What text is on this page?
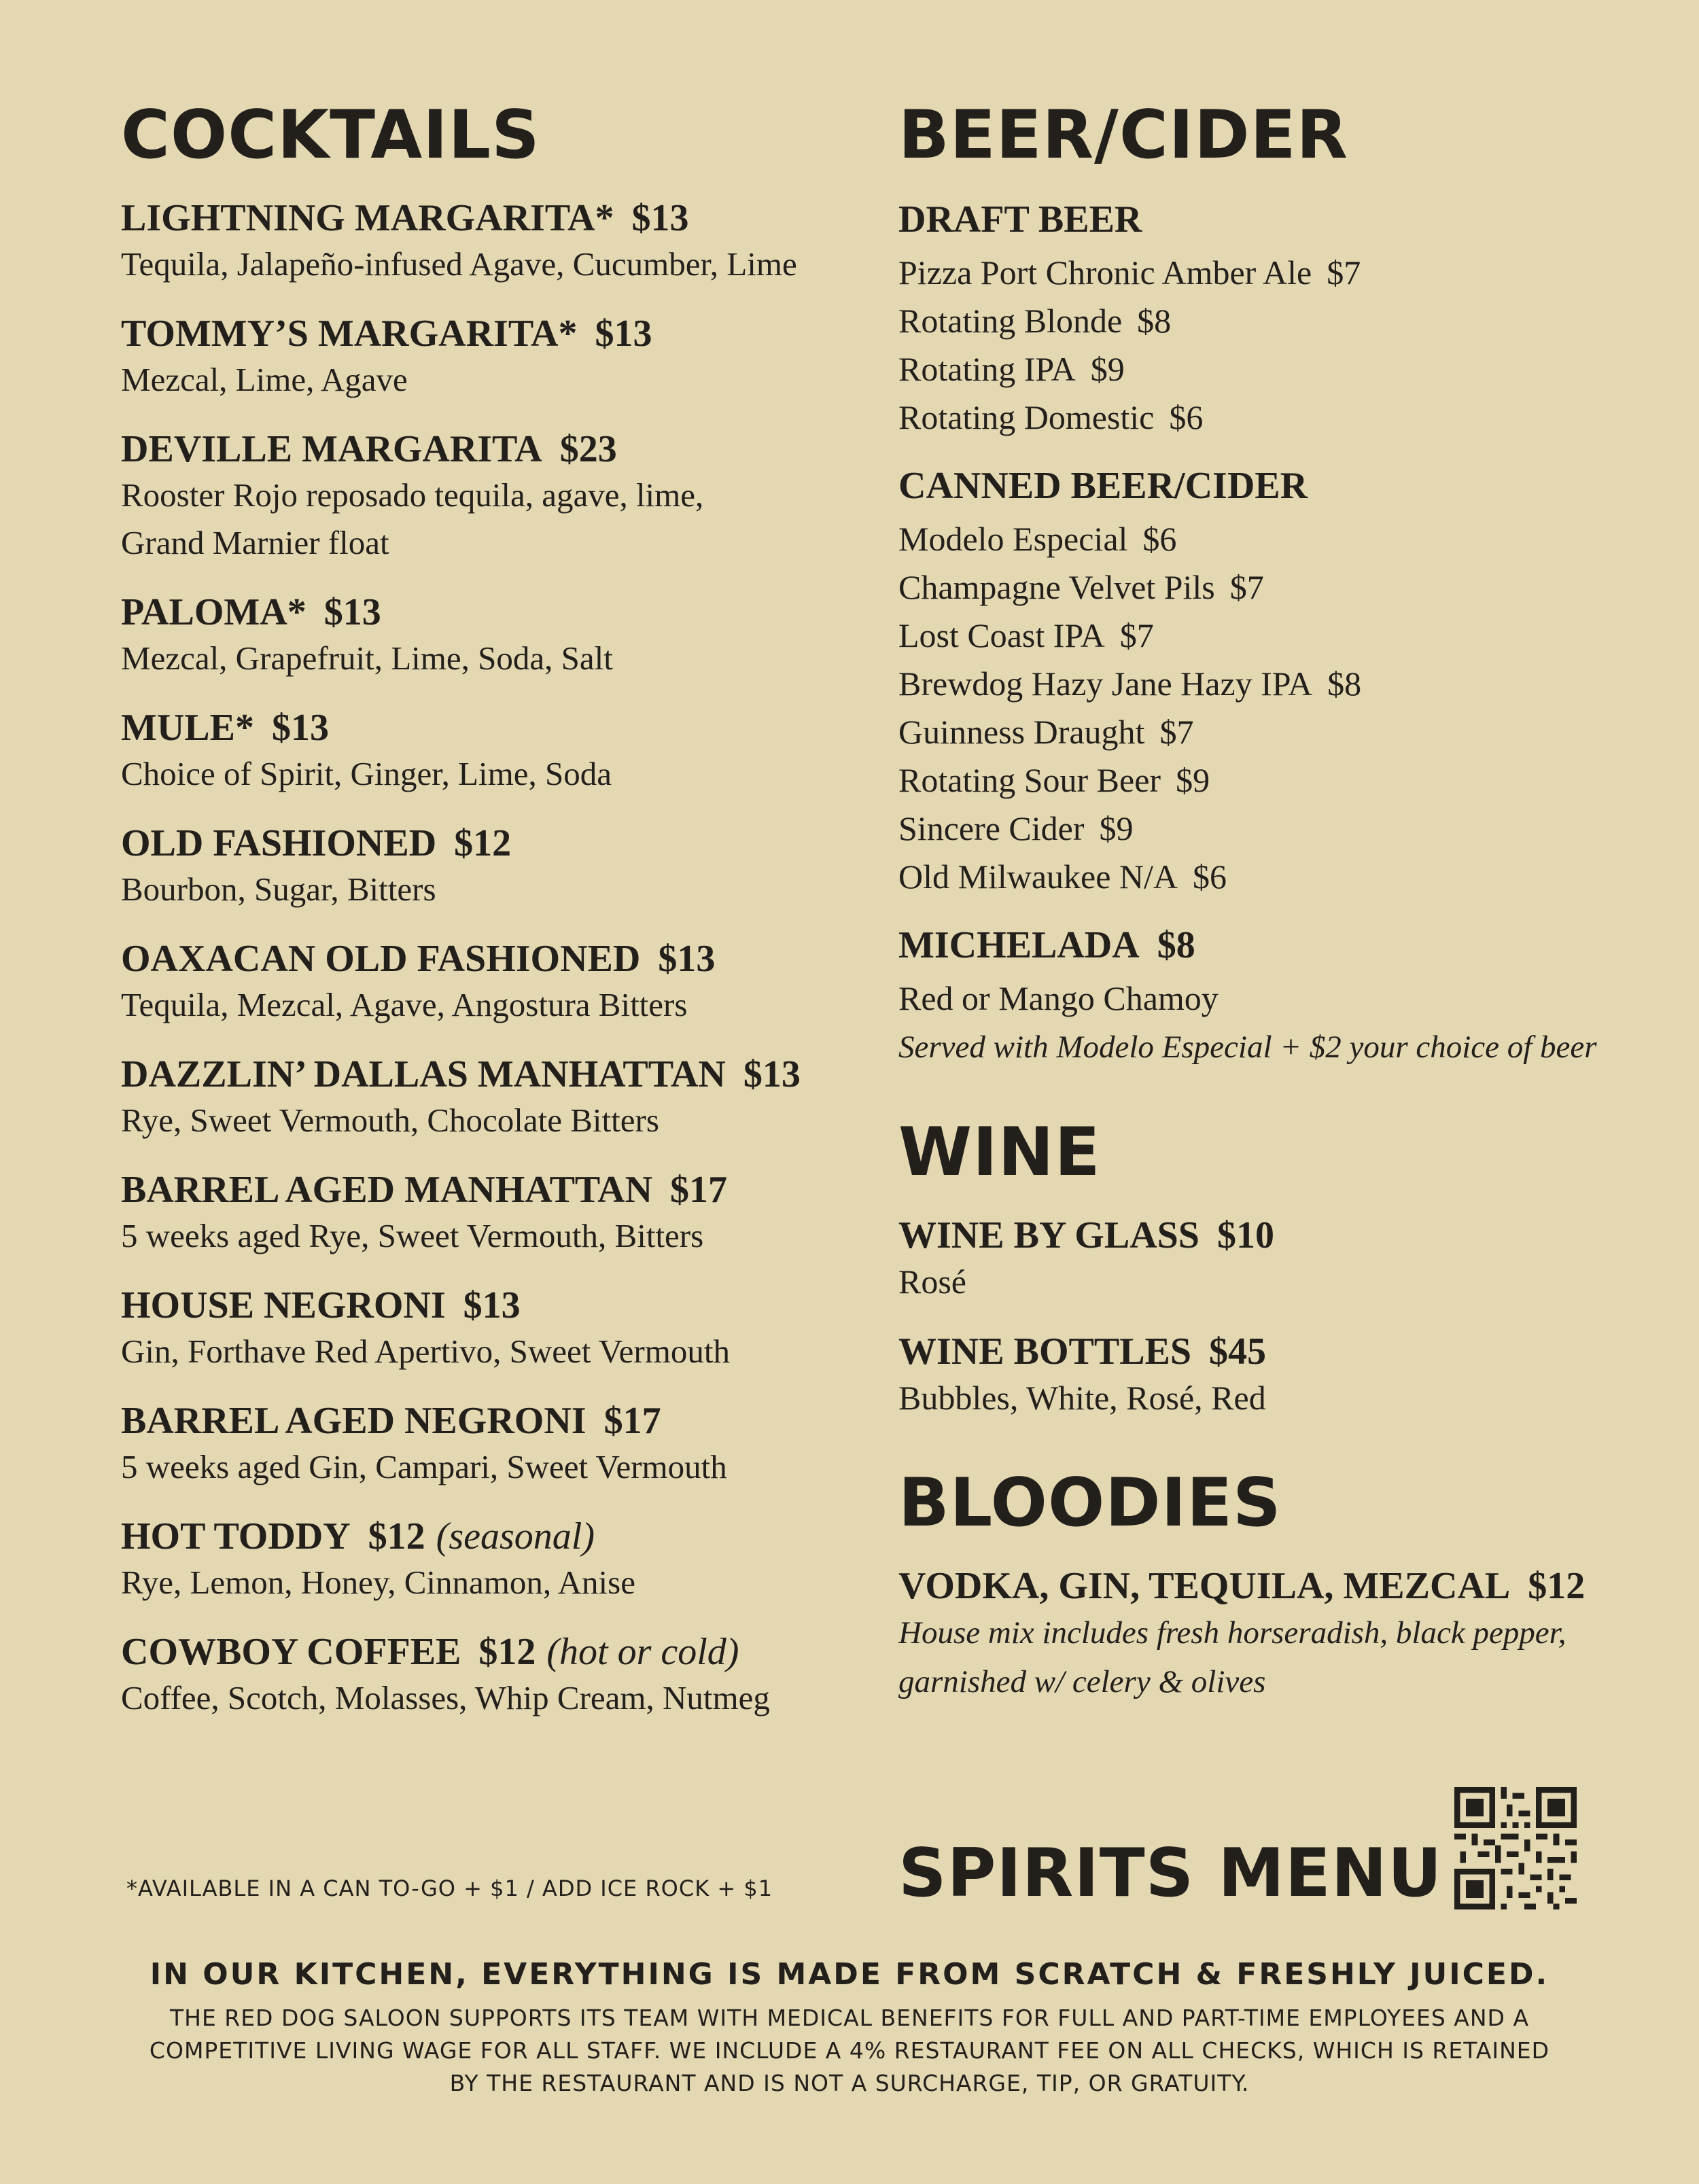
COCKTAILS
LIGHTNING MARGARITA* $13
Tequila, Jalapeño-infused Agave, Cucumber, Lime
TOMMY’S MARGARITA* $13
Mezcal, Lime, Agave
DEVILLE MARGARITA $23
Rooster Rojo reposado tequila, agave, lime,
Grand Marnier float
PALOMA* $13
Mezcal, Grapefruit, Lime, Soda, Salt
MULE* $13
Choice of Spirit, Ginger, Lime, Soda
OLD FASHIONED $12
Bourbon, Sugar, Bitters
OAXACAN OLD FASHIONED $13
Tequila, Mezcal, Agave, Angostura Bitters
DAZZLIN’ DALLAS MANHATTAN $13
Rye, Sweet Vermouth, Chocolate Bitters
BARREL AGED MANHATTAN $17
5 weeks aged Rye, Sweet Vermouth, Bitters
HOUSE NEGRONI $13
Gin, Forthave Red Apertivo, Sweet Vermouth
BARREL AGED NEGRONI $17
5 weeks aged Gin, Campari, Sweet Vermouth
HOT TODDY $12 (seasonal)
Rye, Lemon, Honey, Cinnamon, Anise
COWBOY COFFEE $12 (hot or cold)
Coffee, Scotch, Molasses, Whip Cream, Nutmeg
*AVAILABLE IN A CAN TO-GO + $1 / ADD ICE ROCK + $1
BEER/CIDER
DRAFT BEER
Pizza Port Chronic Amber Ale $7
Rotating Blonde $8
Rotating IPA $9
Rotating Domestic $6
CANNED BEER/CIDER
Modelo Especial $6
Champagne Velvet Pils $7
Lost Coast IPA $7
Brewdog Hazy Jane Hazy IPA $8
Guinness Draught $7
Rotating Sour Beer $9
Sincere Cider $9
Old Milwaukee N/A $6
MICHELADA $8
Red or Mango Chamoy
Served with Modelo Especial + $2 your choice of beer
WINE
WINE BY GLASS $10
Rosé
WINE BOTTLES $45
Bubbles, White, Rosé, Red
BLOODIES
VODKA, GIN, TEQUILA, MEZCAL $12
House mix includes fresh horseradish, black pepper,
garnished w/ celery & olives
SPIRITS MENU
IN OUR KITCHEN, EVERYTHING IS MADE FROM SCRATCH & FRESHLY JUICED.
THE RED DOG SALOON SUPPORTS ITS TEAM WITH MEDICAL BENEFITS FOR FULL AND PART-TIME EMPLOYEES AND A COMPETITIVE LIVING WAGE FOR ALL STAFF. WE INCLUDE A 4% RESTAURANT FEE ON ALL CHECKS, WHICH IS RETAINED BY THE RESTAURANT AND IS NOT A SURCHARGE, TIP, OR GRATUITY.
